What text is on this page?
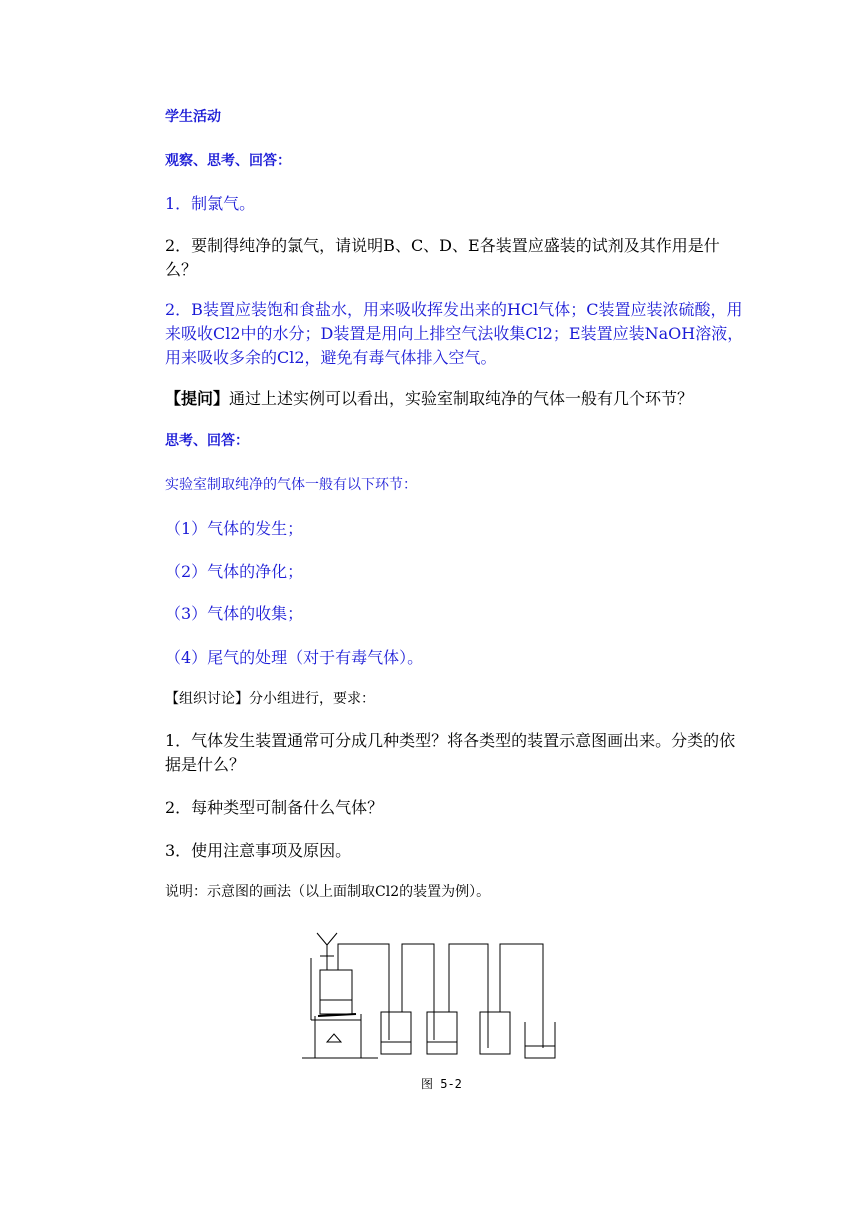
学生活动
观察、思考、回答：
1．制氯气。
2．要制得纯净的氯气，请说明B、C、D、E各装置应盛装的试剂及其作用是什么？
2．B装置应装饱和食盐水，用来吸收挥发出来的HCl气体；C装置应装浓硫酸，用来吸收Cl2中的水分；D装置是用向上排空气法收集Cl2；E装置应装NaOH溶液，用来吸收多余的Cl2，避免有毒气体排入空气。
【提问】通过上述实例可以看出，实验室制取纯净的气体一般有几个环节？
思考、回答：
实验室制取纯净的气体一般有以下环节：
（1）气体的发生；
（2）气体的净化；
（3）气体的收集；
（4）尾气的处理（对于有毒气体）。
【组织讨论】分小组进行，要求：
1．气体发生装置通常可分成几种类型？将各类型的装置示意图画出来。分类的依据是什么？
2．每种类型可制备什么气体？
3．使用注意事项及原因。
说明：示意图的画法（以上面制取Cl2的装置为例）。
图 5-2
